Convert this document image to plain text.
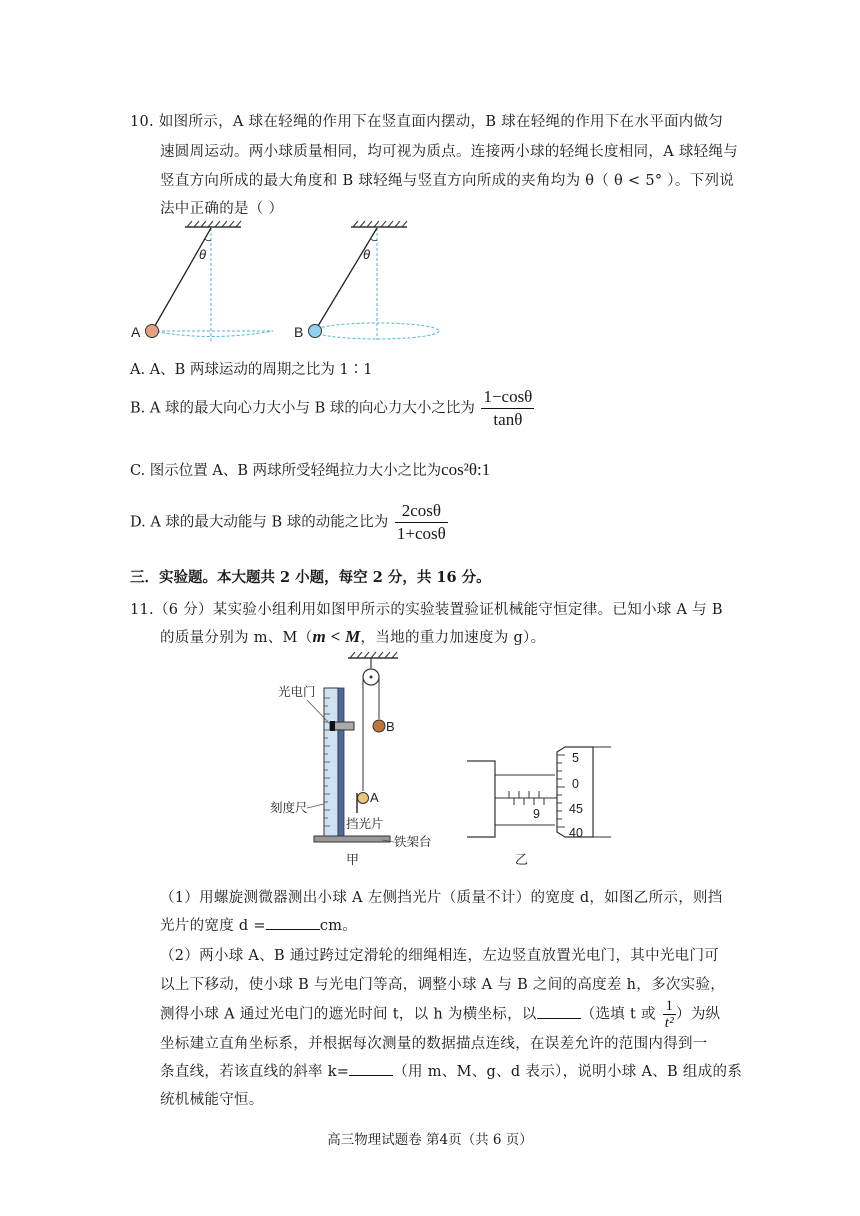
10. 如图所示，A 球在轻绳的作用下在竖直面内摆动，B 球在轻绳的作用下在水平面内做匀
速圆周运动。两小球质量相同，均可视为质点。连接两小球的轻绳长度相同，A 球轻绳与
竖直方向所成的最大角度和 B 球轻绳与竖直方向所成的夹角均为 θ（ θ < 5° ）。下列说
法中正确的是（ ）
θ
A
θ
B
A. A、B 两球运动的周期之比为 1∶1
B. A 球的最大向心力大小与 B 球的向心力大小之比为 $\frac{1-\cos\theta}{\tan\theta}$
C. 图示位置 A、B 两球所受轻绳拉力大小之比为cos²θ:1
D. A 球的最大动能与 B 球的动能之比为 $\frac{2\cos\theta}{1+\cos\theta}$
三．实验题。本大题共 2 小题，每空 2 分，共 16 分。
11.（6 分）某实验小组利用如图甲所示的实验装置验证机械能守恒定律。已知小球 A 与 B
的质量分别为 m、M（m < M，当地的重力加速度为 g）。
B
A
光电门
刻度尺
挡光片
铁架台
甲
9
5
0
45
40
乙
（1）用螺旋测微器测出小球 A 左侧挡光片（质量不计）的宽度 d，如图乙所示，则挡
光片的宽度 d =	cm。
（2）两小球 A、B 通过跨过定滑轮的细绳相连，左边竖直放置光电门，其中光电门可
以上下移动，使小球 B 与光电门等高，调整小球 A 与 B 之间的高度差 h，多次实验，
测得小球 A 通过光电门的遮光时间 t，以 h 为横坐标，以	（选填 t 或 $\frac{1}{\text{t²}}$ ）为纵
坐标建立直角坐标系，并根据每次测量的数据描点连线，在误差允许的范围内得到一
条直线，若该直线的斜率 k=	（用 m、M、g、d 表示），说明小球 A、B 组成的系
统机械能守恒。
高三物理试题卷 第4页（共 6 页）
